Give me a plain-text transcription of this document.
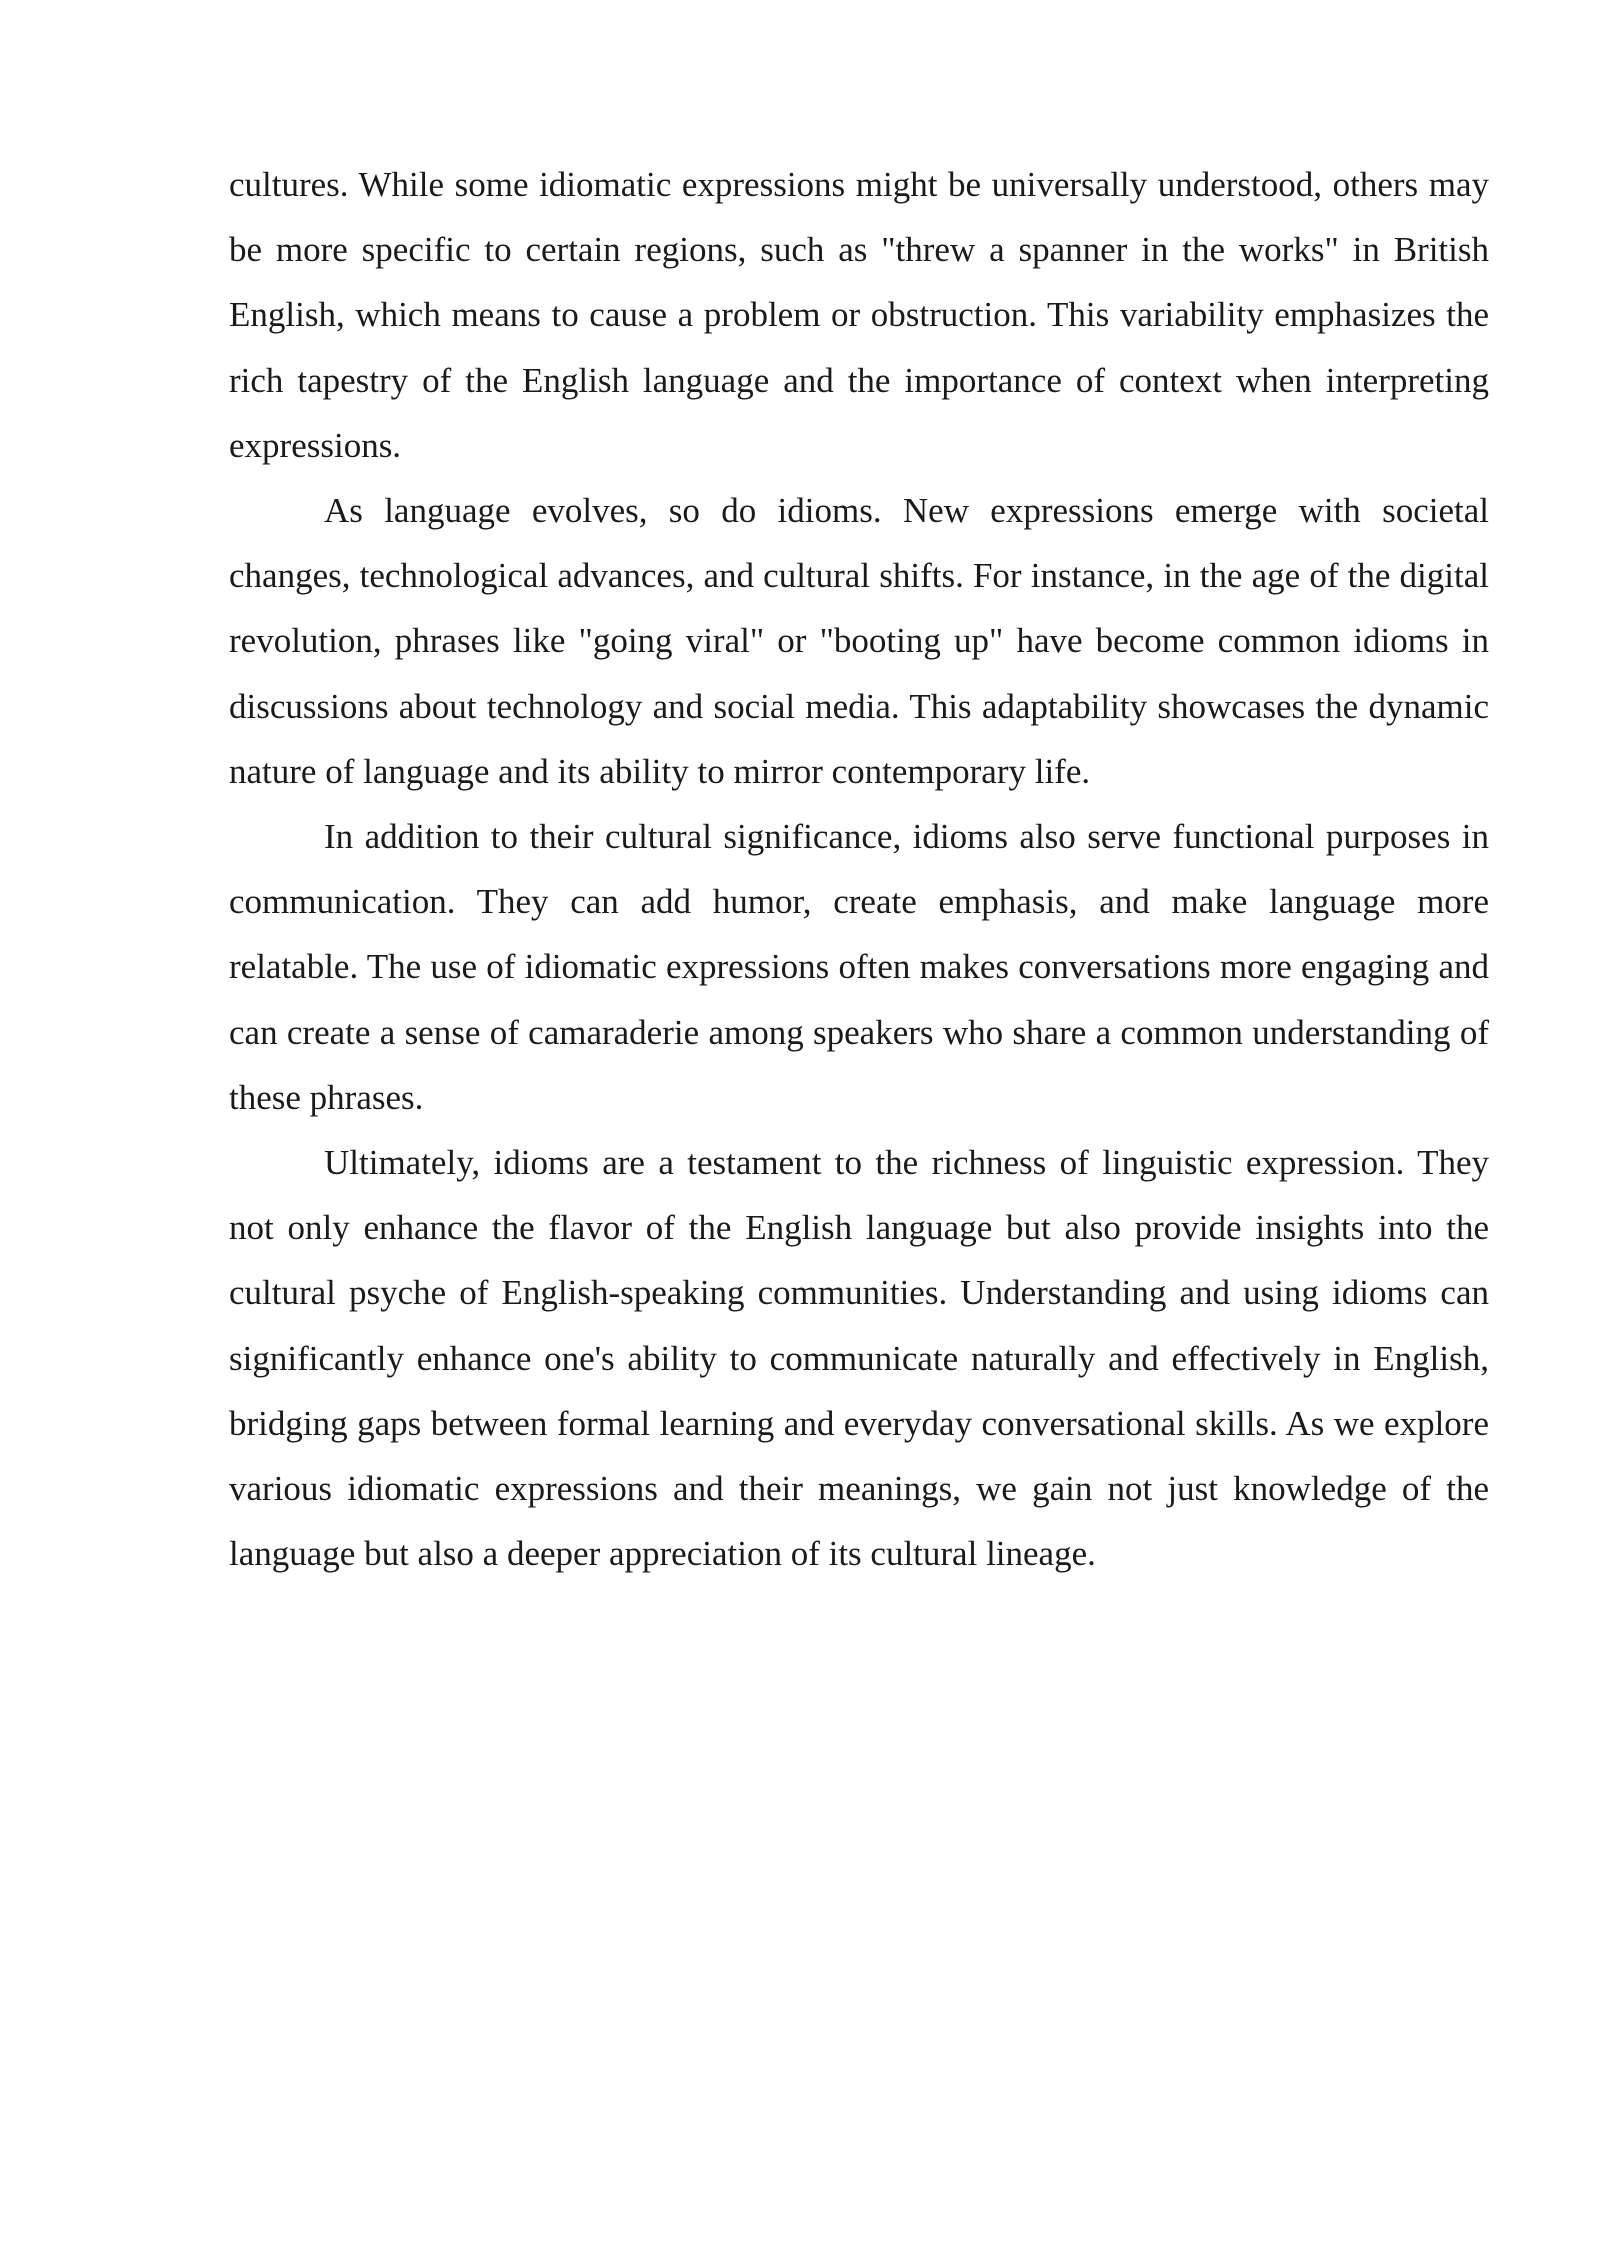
cultures. While some idiomatic expressions might be universally understood, others may be more specific to certain regions, such as "threw a spanner in the works" in British English, which means to cause a problem or obstruction. This variability emphasizes the rich tapestry of the English language and the importance of context when interpreting expressions.

As language evolves, so do idioms. New expressions emerge with societal changes, technological advances, and cultural shifts. For instance, in the age of the digital revolution, phrases like "going viral" or "booting up" have become common idioms in discussions about technology and social media. This adaptability showcases the dynamic nature of language and its ability to mirror contemporary life.

In addition to their cultural significance, idioms also serve functional purposes in communication. They can add humor, create emphasis, and make language more relatable. The use of idiomatic expressions often makes conversations more engaging and can create a sense of camaraderie among speakers who share a common understanding of these phrases.

Ultimately, idioms are a testament to the richness of linguistic expression. They not only enhance the flavor of the English language but also provide insights into the cultural psyche of English-speaking communities. Understanding and using idioms can significantly enhance one's ability to communicate naturally and effectively in English, bridging gaps between formal learning and everyday conversational skills. As we explore various idiomatic expressions and their meanings, we gain not just knowledge of the language but also a deeper appreciation of its cultural lineage.
